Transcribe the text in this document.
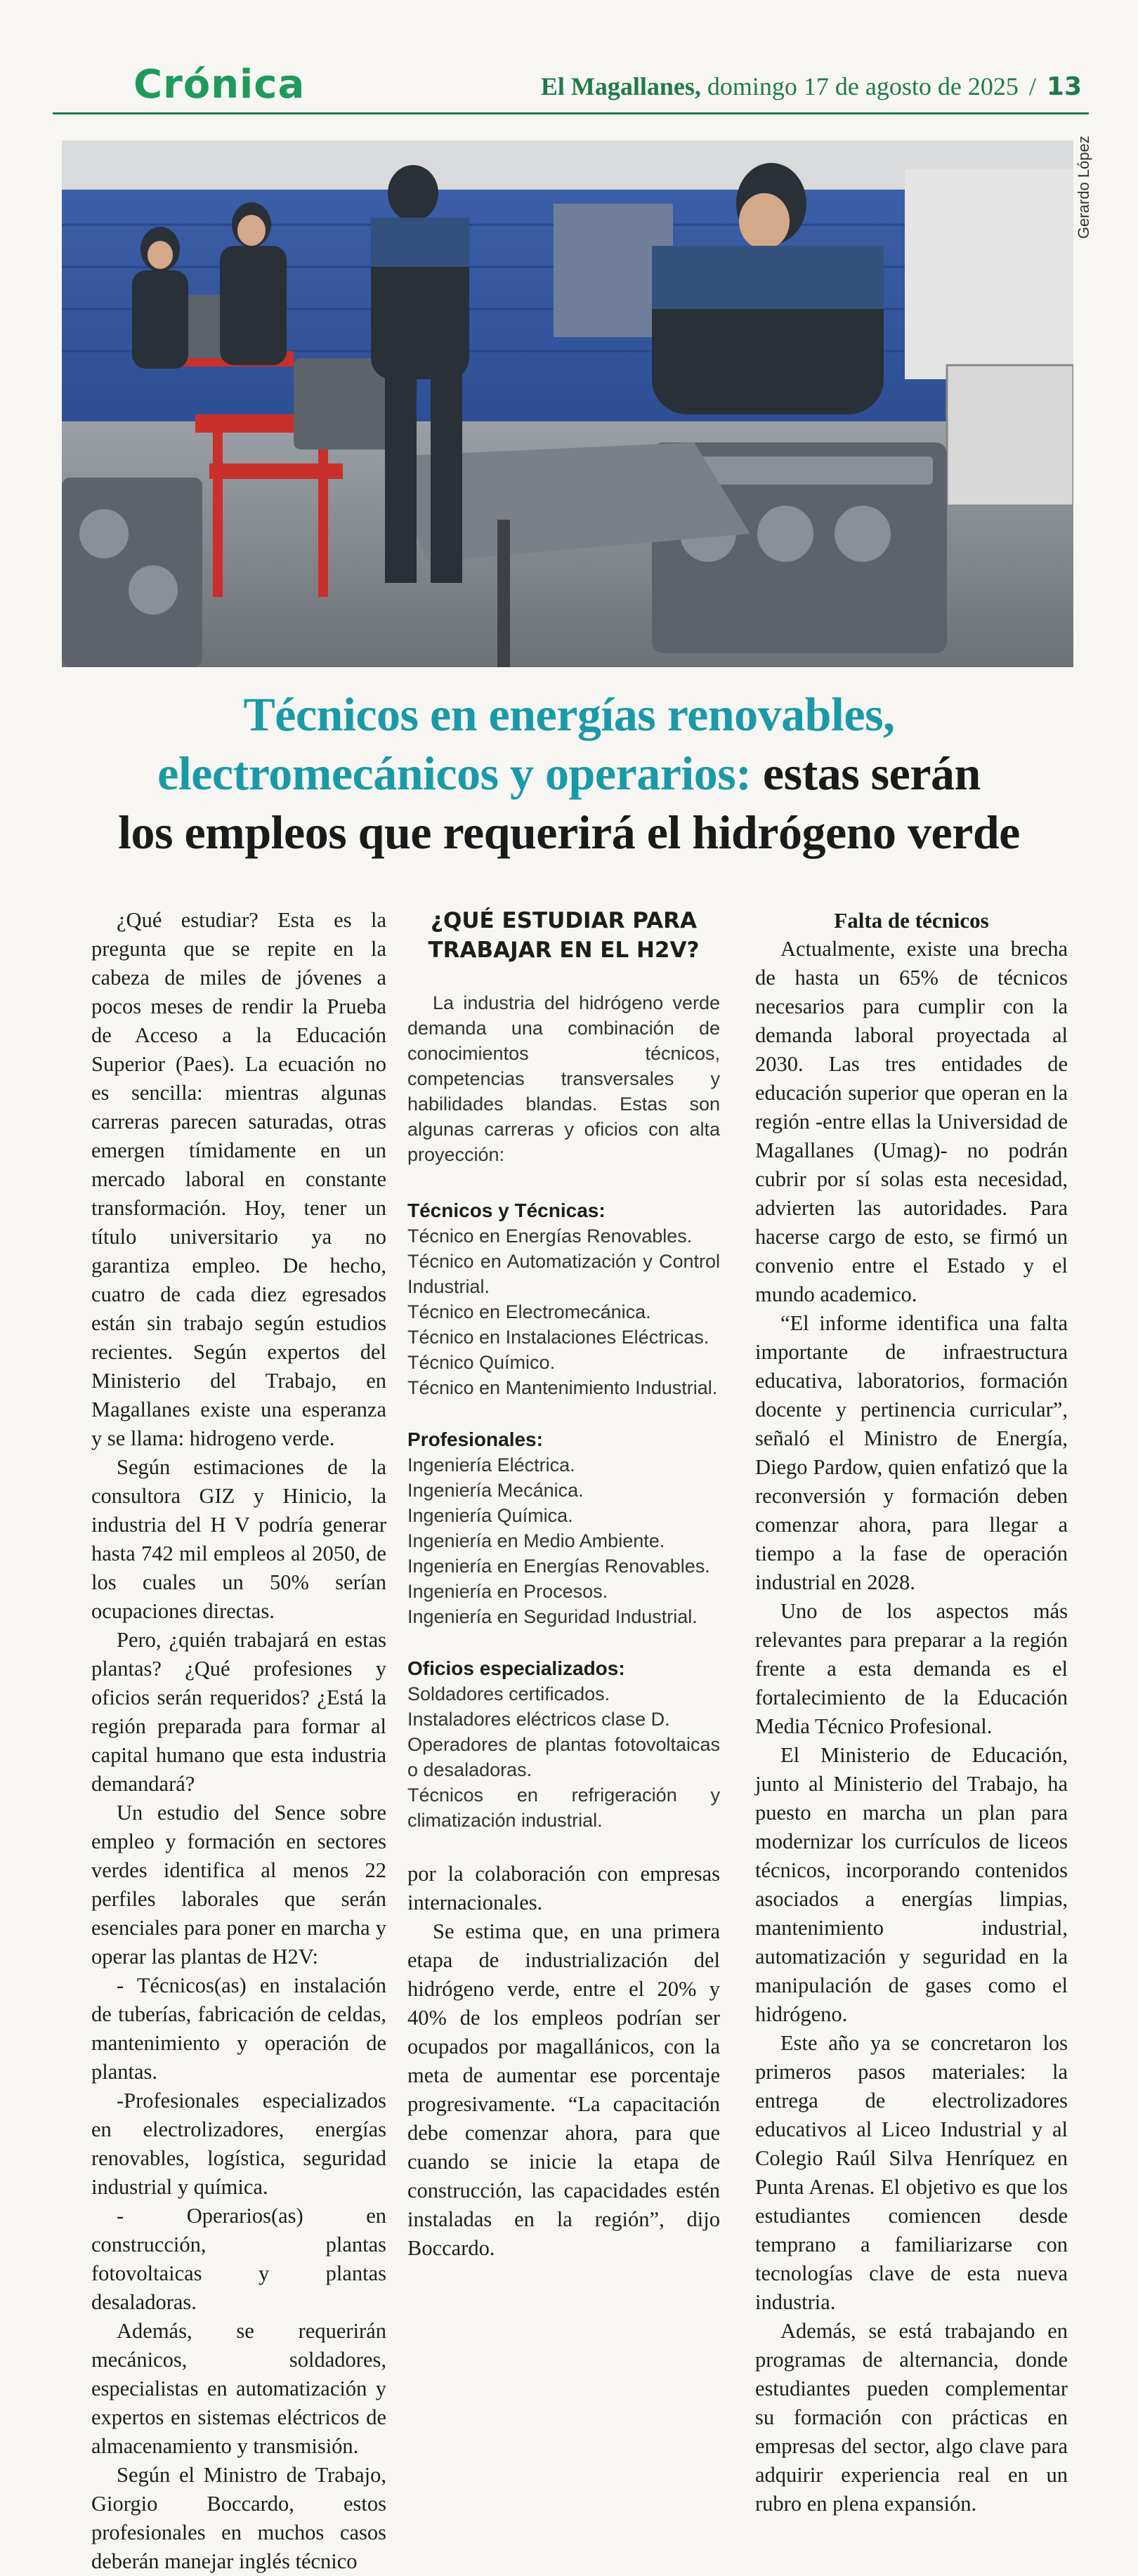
Crónica	El Magallanes, domingo 17 de agosto de 2025 / 13
Gerardo López
Técnicos en energías renovables,
electromecánicos y operarios: estas serán
los empleos que requerirá el hidrógeno verde

¿Qué estudiar? Esta es la pregunta que se repite en la cabeza de miles de jóvenes a pocos meses de rendir la Prueba de Acceso a la Educación Superior (Paes). La ecuación no es sencilla: mientras algunas carreras parecen saturadas, otras emergen tímidamente en un mercado laboral en constante transformación. Hoy, tener un título universitario ya no garantiza empleo. De hecho, cuatro de cada diez egresados están sin trabajo según estudios recientes. Según expertos del Ministerio del Trabajo, en Magallanes existe una esperanza y se llama: hidrogeno verde.

Según estimaciones de la consultora GIZ y Hinicio, la industria del H V podría generar hasta 742 mil empleos al 2050, de los cuales un 50% serían ocupaciones directas.

Pero, ¿quién trabajará en estas plantas? ¿Qué profesiones y oficios serán requeridos? ¿Está la región preparada para formar al capital humano que esta industria demandará?

Un estudio del Sence sobre empleo y formación en sectores verdes identifica al menos 22 perfiles laborales que serán esenciales para poner en marcha y operar las plantas de H2V:

- Técnicos(as) en instalación de tuberías, fabricación de celdas, mantenimiento y operación de plantas.

-Profesionales especializados en electrolizadores, energías renovables, logística, seguridad industrial y química.

- Operarios(as) en construcción, plantas fotovoltaicas y plantas desaladoras.

Además, se requerirán mecánicos, soldadores, especialistas en automatización y expertos en sistemas eléctricos de almacenamiento y transmisión.

Según el Ministro de Trabajo, Giorgio Boccardo, estos profesionales en muchos casos deberán manejar inglés técnico

¿QUÉ ESTUDIAR PARA TRABAJAR EN EL H2V?
La industria del hidrógeno verde demanda una combinación de conocimientos técnicos, competencias transversales y habilidades blandas. Estas son algunas carreras y oficios con alta proyección:
Técnicos y Técnicas:
Técnico en Energías Renovables.
Técnico en Automatización y Control Industrial.
Técnico en Electromecánica.
Técnico en Instalaciones Eléctricas.
Técnico Químico.
Técnico en Mantenimiento Industrial.
Profesionales:
Ingeniería Eléctrica.
Ingeniería Mecánica.
Ingeniería Química.
Ingeniería en Medio Ambiente.
Ingeniería en Energías Renovables.
Ingeniería en Procesos.
Ingeniería en Seguridad Industrial.
Oficios especializados:
Soldadores certificados.
Instaladores eléctricos clase D.
Operadores de plantas fotovoltaicas o desaladoras.
Técnicos en refrigeración y climatización industrial.

por la colaboración con empresas internacionales.

Se estima que, en una primera etapa de industrialización del hidrógeno verde, entre el 20% y 40% de los empleos podrían ser ocupados por magallánicos, con la meta de aumentar ese porcentaje progresivamente. “La capacitación debe comenzar ahora, para que cuando se inicie la etapa de construcción, las capacidades estén instaladas en la región”, dijo Boccardo.

Falta de técnicos

Actualmente, existe una brecha de hasta un 65% de técnicos necesarios para cumplir con la demanda laboral proyectada al 2030. Las tres entidades de educación superior que operan en la región -entre ellas la Universidad de Magallanes (Umag)- no podrán cubrir por sí solas esta necesidad, advierten las autoridades. Para hacerse cargo de esto, se firmó un convenio entre el Estado y el mundo academico.

“El informe identifica una falta importante de infraestructura educativa, laboratorios, formación docente y pertinencia curricular”, señaló el Ministro de Energía, Diego Pardow, quien enfatizó que la reconversión y formación deben comenzar ahora, para llegar a tiempo a la fase de operación industrial en 2028.

Uno de los aspectos más relevantes para preparar a la región frente a esta demanda es el fortalecimiento de la Educación Media Técnico Profesional.

El Ministerio de Educación, junto al Ministerio del Trabajo, ha puesto en marcha un plan para modernizar los currículos de liceos técnicos, incorporando contenidos asociados a energías limpias, mantenimiento industrial, automatización y seguridad en la manipulación de gases como el hidrógeno.

Este año ya se concretaron los primeros pasos materiales: la entrega de electrolizadores educativos al Liceo Industrial y al Colegio Raúl Silva Henríquez en Punta Arenas. El objetivo es que los estudiantes comiencen desde temprano a familiarizarse con tecnologías clave de esta nueva industria.

Además, se está trabajando en programas de alternancia, donde estudiantes pueden complementar su formación con prácticas en empresas del sector, algo clave para adquirir experiencia real en un rubro en plena expansión.
